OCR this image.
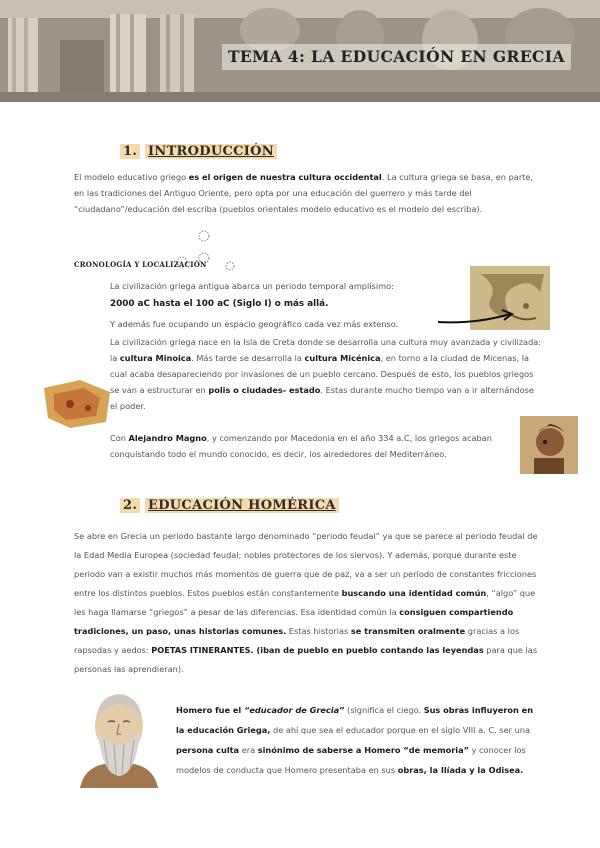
TEMA 4: LA EDUCACIÓN EN GRECIA
1. INTRODUCCIÓN
El modelo educativo griego es el origen de nuestra cultura occidental. La cultura griega se basa, en parte, en las tradiciones del Antiguo Oriente, pero opta por una educación del guerrero y más tarde del “ciudadano”/educación del escriba (pueblos orientales modelo educativo es el modelo del escriba).
CRONOLOGÍA Y LOCALIZACIÓN
La civilización griega antigua abarca un periodo temporal amplísimo:
2000 aC hasta el 100 aC (Siglo I) o más allá.
Y además fue ocupando un espacio geográfico cada vez más extenso.
La civilización griega nace en la Isla de Creta donde se desarrolla una cultura muy avanzada y civilizada: la cultura Minoica. Más tarde se desarrolla la cultura Micénica, en torno a la ciudad de Micenas, la cual acaba desapareciendo por invasiones de un pueblo cercano. Después de esto, los pueblos griegos se van a estructurar en polis o ciudades- estado. Estas durante mucho tiempo van a ir alternándose el poder.
Con Alejandro Magno, y comenzando por Macedonia en el año 334 a.C, los griegos acaban conquistando todo el mundo conocido, es decir, los airededores del Mediterráneo.
2. EDUCACIÓN HOMÉRICA
Se abre en Grecia un periodo bastante largo denominado “periodo feudal” ya que se parece al periodo feudal de la Edad Media Europea (sociedad feudal; nobles protectores de los siervos). Y además, porque durante este periodo van a existir muchos más momentos de guerra que de paz, va a ser un periodo de constantes fricciones entre los distintos pueblos. Estos pueblos están constantemente buscando una identidad común, “algo” que les haga llamarse “griegos” a pesar de las diferencias. Esa identidad común la consiguen compartiendo tradiciones, un paso, unas historias comunes. Estas historias se transmiten oralmente gracias a los rapsodas y aedos: POETAS ITINERANTES. (iban de pueblo en pueblo contando las leyendas para que las personas las aprendieran).
Homero fue el “educador de Grecia” (significa el ciego. Sus obras influyeron en la educación Griega, de ahí que sea el educador porque en el siglo VIII a. C. ser una persona culta era sinónimo de saberse a Homero “de memoria” y conocer los modelos de conducta que Homero presentaba en sus obras, la Ilíada y la Odisea.
